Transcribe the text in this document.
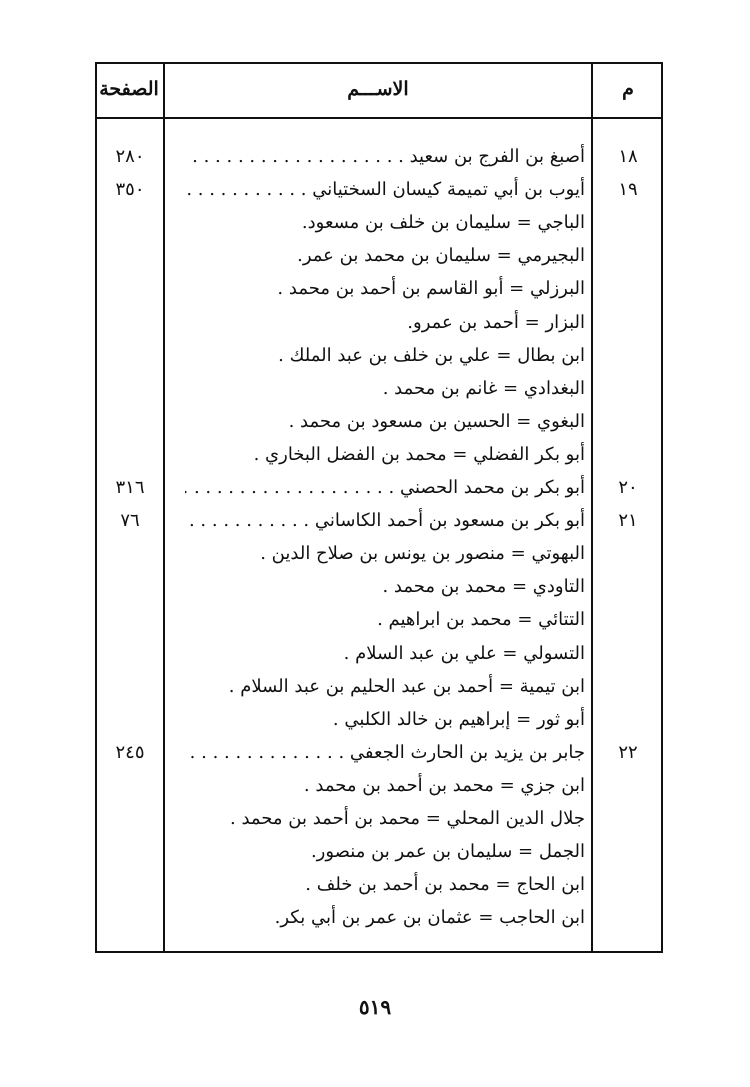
الصفحة	الاســـم	م
١٨
أصبغ بن الفرج بن سعيد . . .
٢٨٠
١٩
أيوب بن أبي تميمة كيسان السختياني . . .
٣٥٠
الباجي = سليمان بن خلف بن مسعود.
البجيرمي = سليمان بن محمد بن عمر.
البرزلي = أبو القاسم بن أحمد بن محمد .
البزار = أحمد بن عمرو.
ابن بطال = علي بن خلف بن عبد الملك .
البغدادي = غانم بن محمد .
البغوي = الحسين بن مسعود بن محمد .
أبو بكر الفضلي = محمد بن الفضل البخاري .
٢٠
أبو بكر بن محمد الحصني . . .
٣١٦
٢١
أبو بكر بن مسعود بن أحمد الكاساني . . .
٧٦
البهوتي = منصور بن يونس بن صلاح الدين .
التاودي = محمد بن محمد .
التتائي = محمد بن ابراهيم .
التسولي = علي بن عبد السلام .
ابن تيمية = أحمد بن عبد الحليم بن عبد السلام .
أبو ثور = إبراهيم بن خالد الكلبي .
٢٢
جابر بن يزيد بن الحارث الجعفي . . .
٢٤٥
ابن جزي = محمد بن أحمد بن محمد .
جلال الدين المحلي = محمد بن أحمد بن محمد .
الجمل = سليمان بن عمر بن منصور.
ابن الحاج = محمد بن أحمد بن خلف .
ابن الحاجب = عثمان بن عمر بن أبي بكر.
٥١٩
